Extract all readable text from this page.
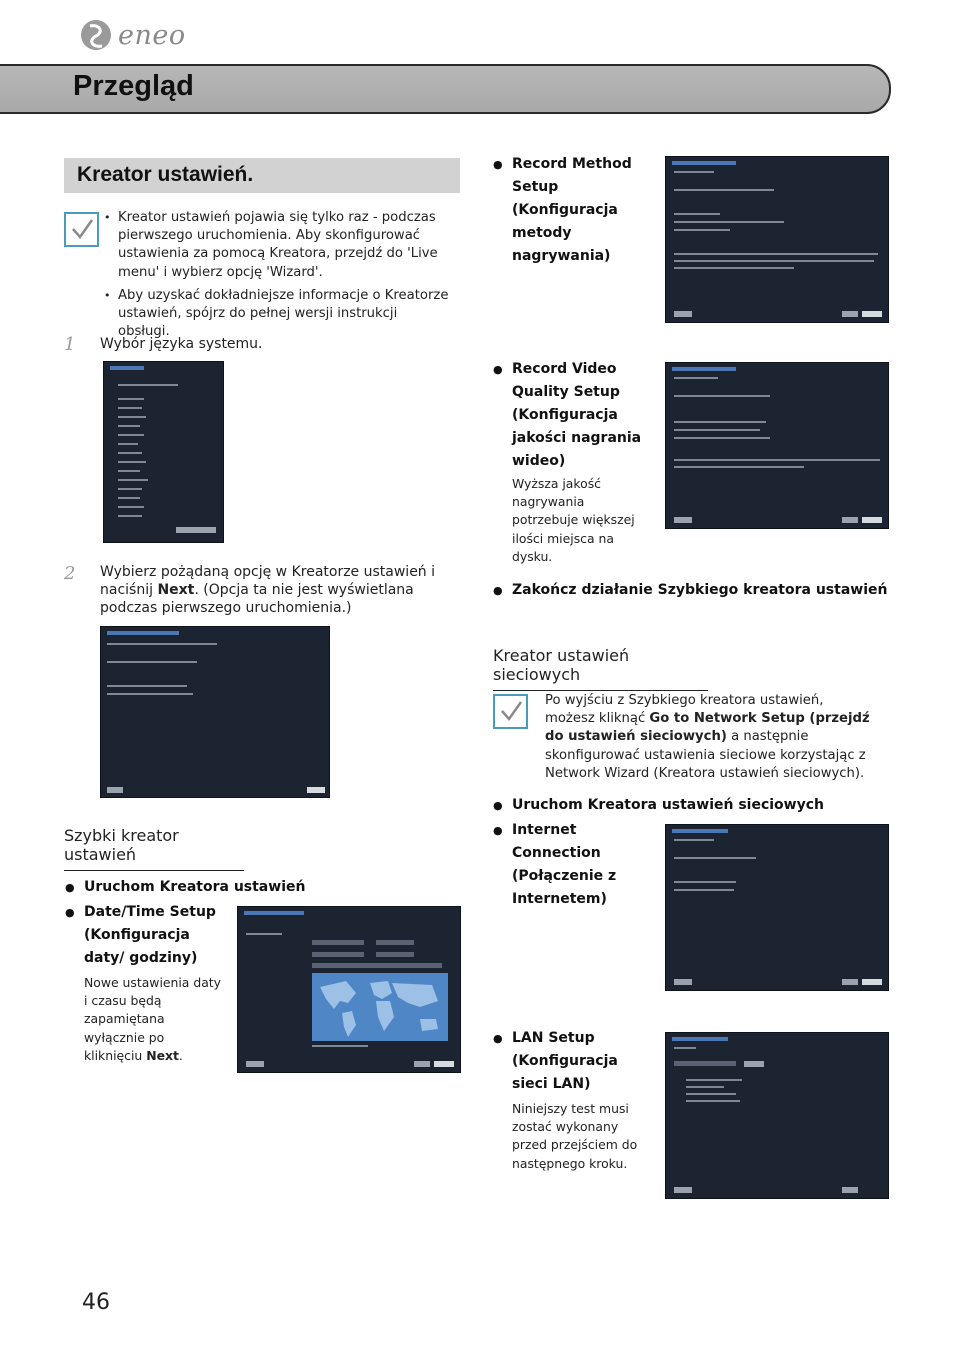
eneo
Przegląd
Kreator ustawień.
• Kreator ustawień pojawia się tylko raz - podczas pierwszego uruchomienia. Aby skonfigurować ustawienia za pomocą Kreatora, przejdź do 'Live menu' i wybierz opcję 'Wizard'.
• Aby uzyskać dokładniejsze informacje o Kreatorze ustawień, spójrz do pełnej wersji instrukcji obsługi.
1 Wybór języka systemu.
2 Wybierz pożądaną opcję w Kreatorze ustawień i naciśnij Next. (Opcja ta nie jest wyświetlana podczas pierwszego uruchomienia.)
Szybki kreator ustawień
● Uruchom Kreatora ustawień
● Date/Time Setup (Konfiguracja daty/ godziny)
Nowe ustawienia daty i czasu będą zapamiętana wyłącznie po kliknięciu Next.
● Record Method Setup (Konfiguracja metody nagrywania)
● Record Video Quality Setup (Konfiguracja jakości nagrania wideo)
Wyższa jakość nagrywania potrzebuje większej ilości miejsca na dysku.
● Zakończ działanie Szybkiego kreatora ustawień
Kreator ustawień sieciowych
Po wyjściu z Szybkiego kreatora ustawień, możesz kliknąć Go to Network Setup (przejdź do ustawień sieciowych) a następnie skonfigurować ustawienia sieciowe korzystając z Network Wizard (Kreatora ustawień sieciowych).
● Uruchom Kreatora ustawień sieciowych
● Internet Connection (Połączenie z Internetem)
● LAN Setup (Konfiguracja sieci LAN)
Niniejszy test musi zostać wykonany przed przejściem do następnego kroku.
46
